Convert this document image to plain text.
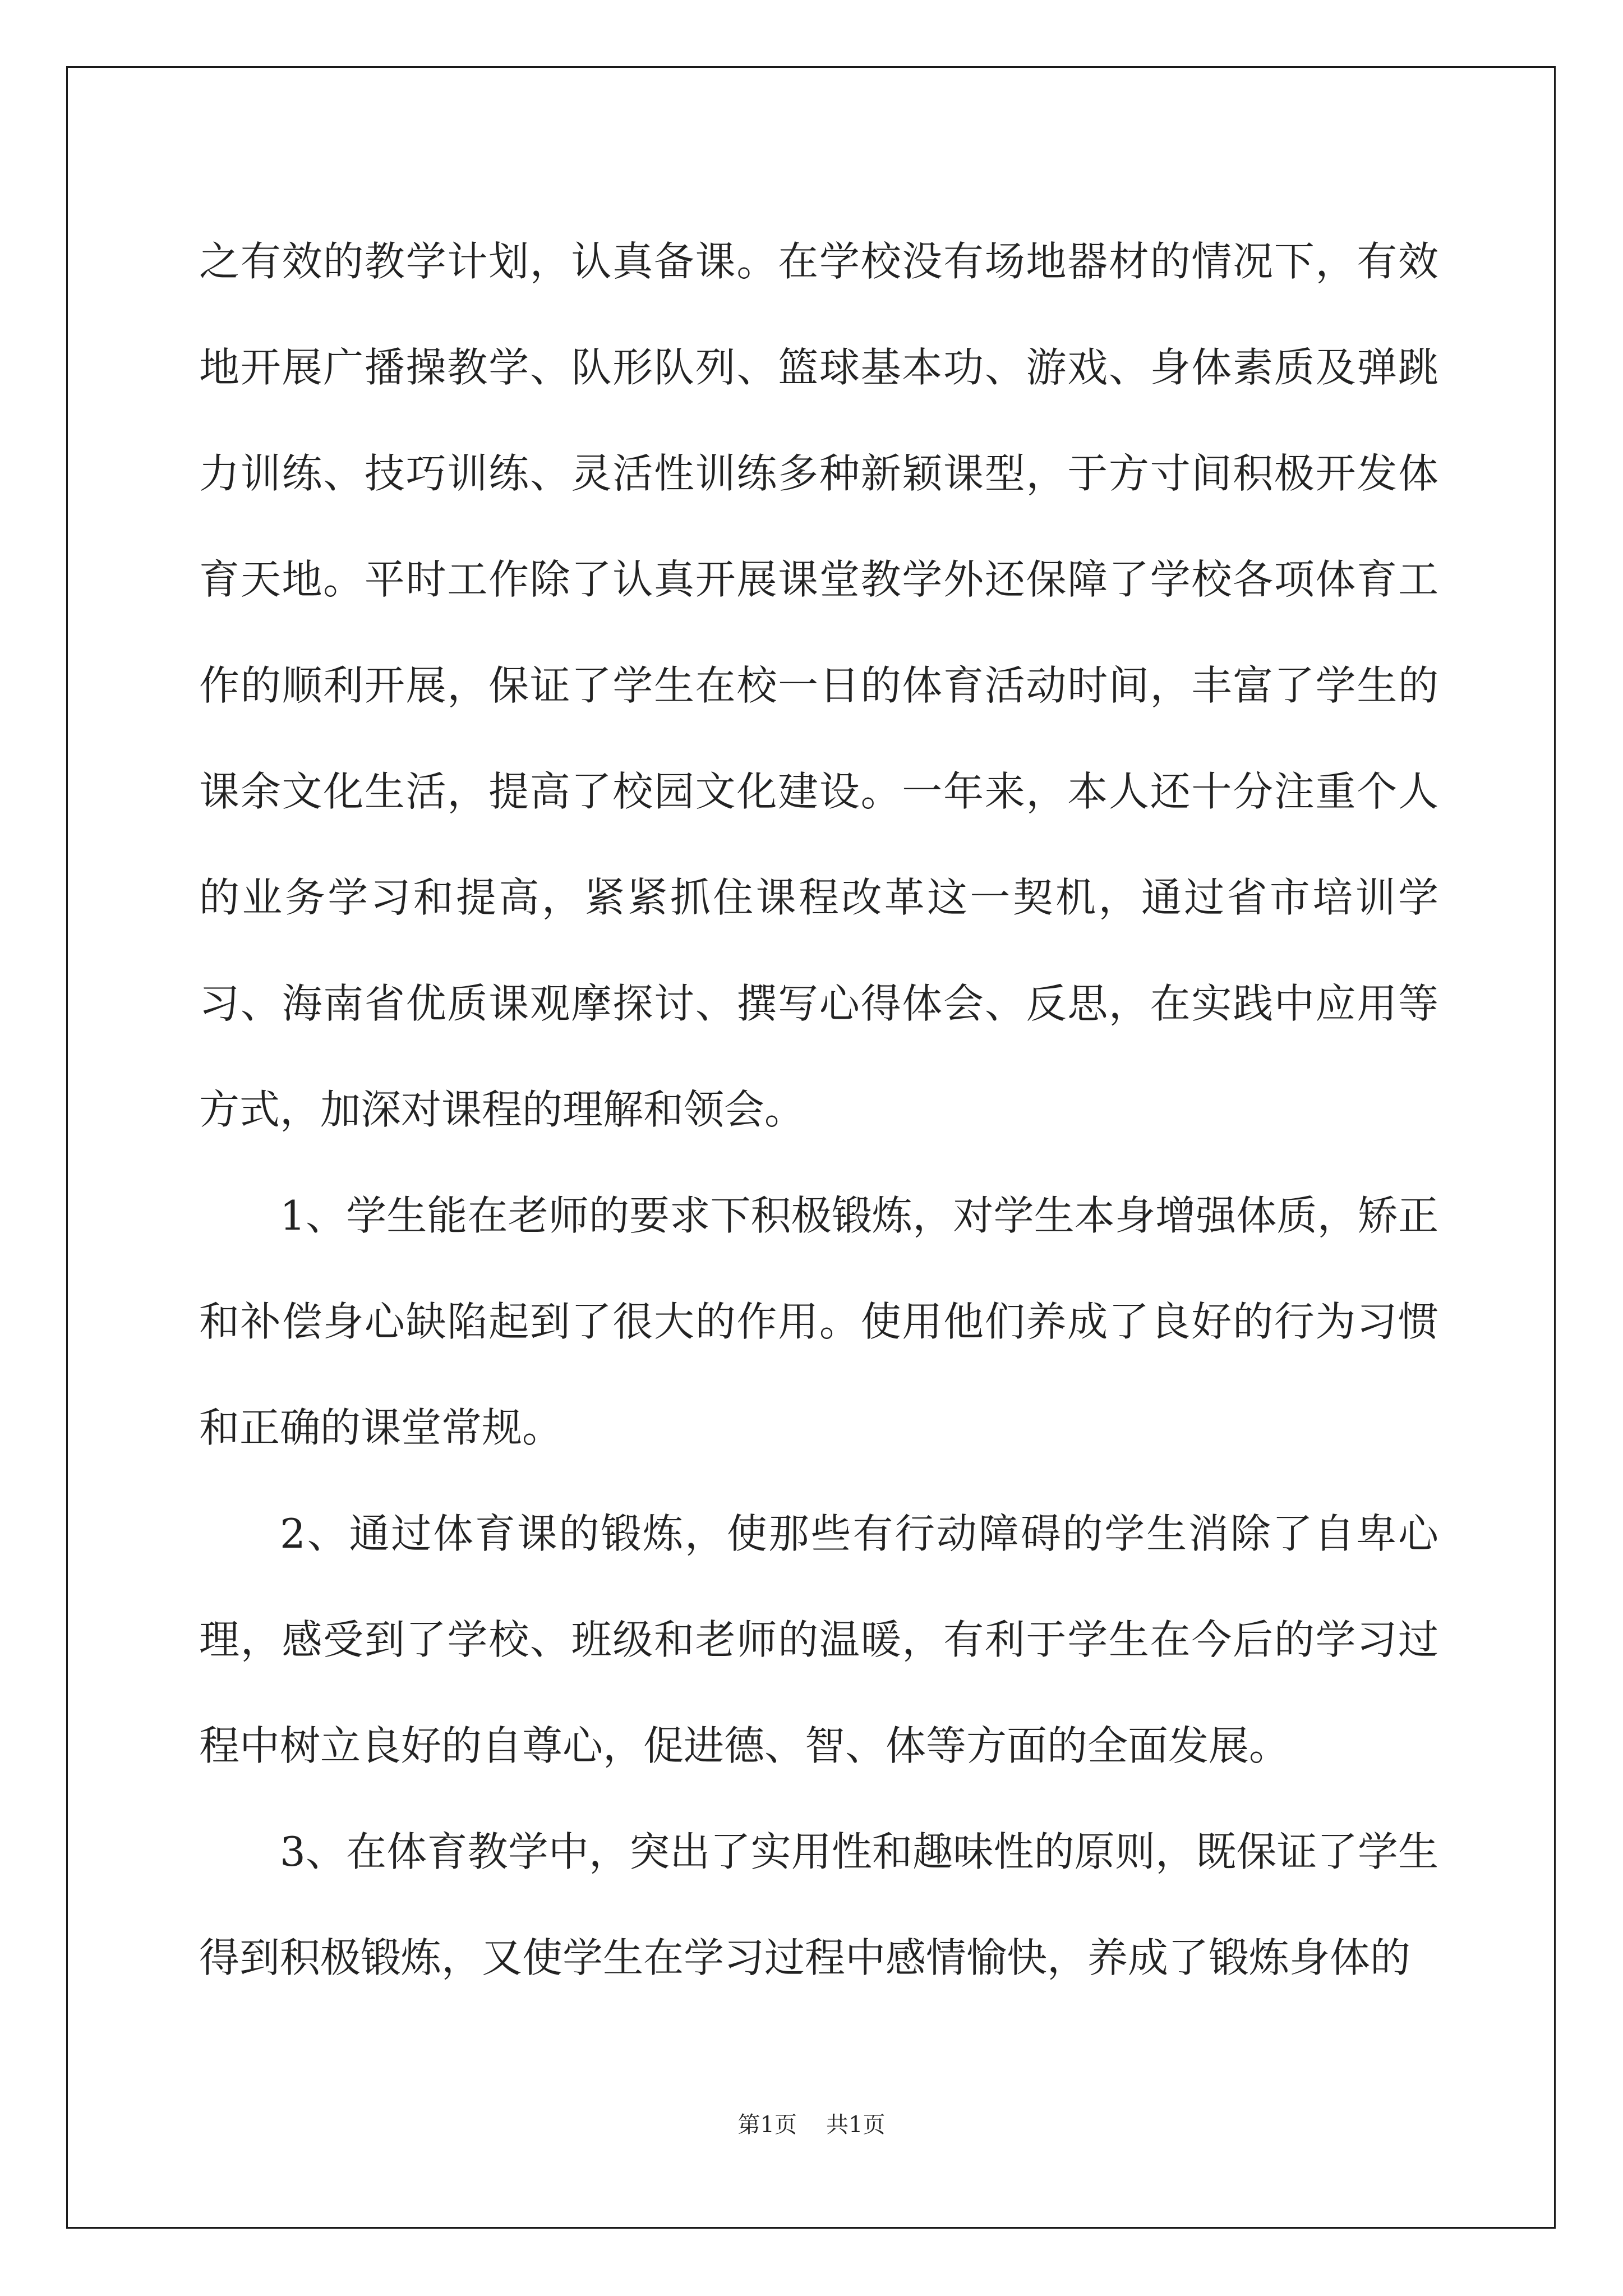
之有效的教学计划，认真备课。在学校没有场地器材的情况下，有效地开展广播操教学、队形队列、篮球基本功、游戏、身体素质及弹跳力训练、技巧训练、灵活性训练多种新颖课型，于方寸间积极开发体育天地。平时工作除了认真开展课堂教学外还保障了学校各项体育工作的顺利开展，保证了学生在校一日的体育活动时间，丰富了学生的课余文化生活，提高了校园文化建设。一年来，本人还十分注重个人的业务学习和提高，紧紧抓住课程改革这一契机，通过省市培训学习、海南省优质课观摩探讨、撰写心得体会、反思，在实践中应用等方式，加深对课程的理解和领会。

1、学生能在老师的要求下积极锻炼，对学生本身增强体质，矫正和补偿身心缺陷起到了很大的作用。使用他们养成了良好的行为习惯和正确的课堂常规。

2、通过体育课的锻炼，使那些有行动障碍的学生消除了自卑心理，感受到了学校、班级和老师的温暖，有利于学生在今后的学习过程中树立良好的自尊心，促进德、智、体等方面的全面发展。

3、在体育教学中，突出了实用性和趣味性的原则，既保证了学生得到积极锻炼，又使学生在学习过程中感情愉快，养成了锻炼身体的

第1页 共1页
